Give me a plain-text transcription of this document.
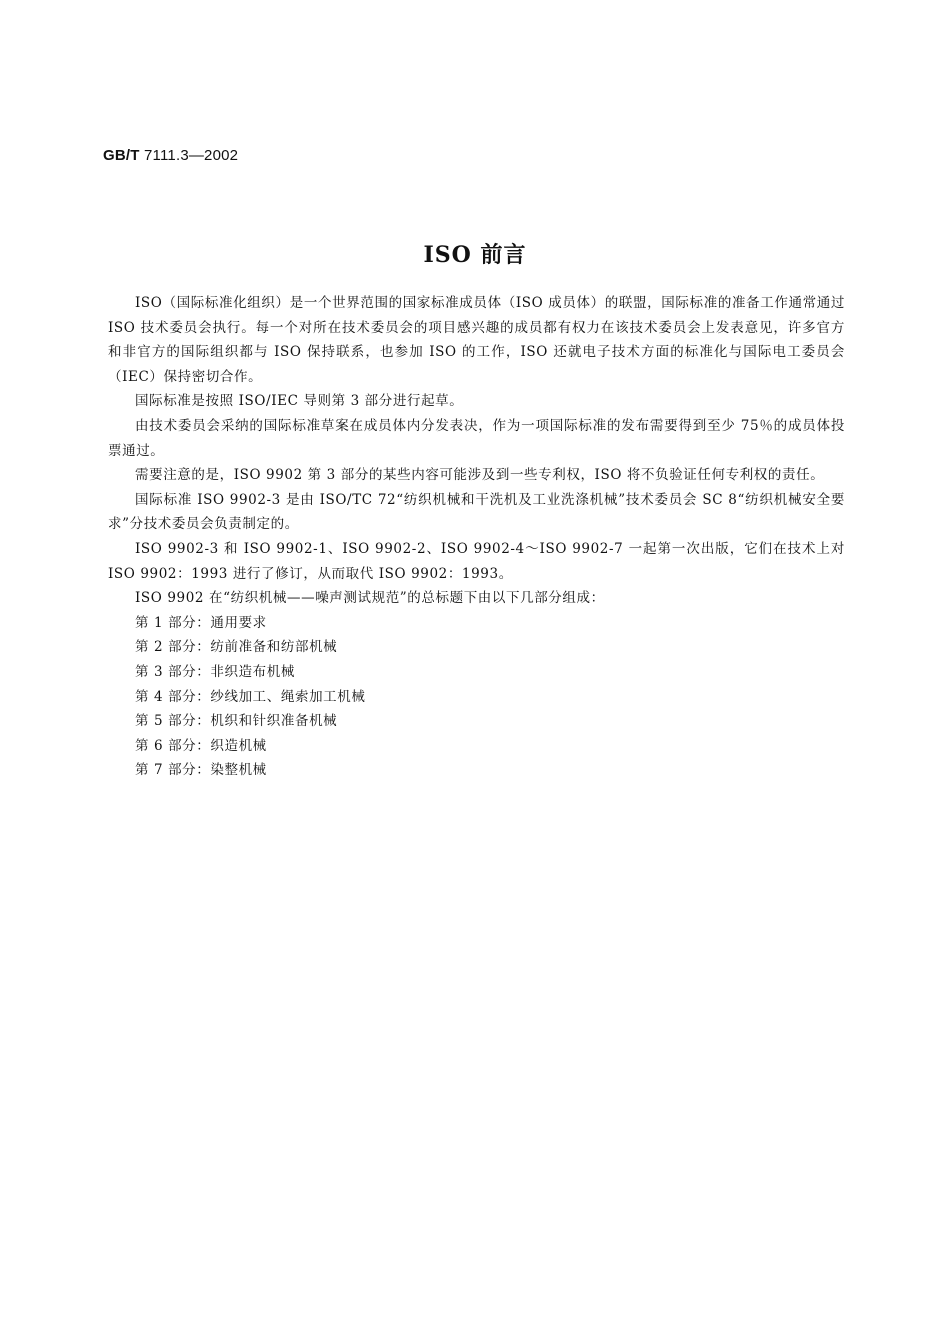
GB/T 7111.3—2002
ISO 前言

ISO（国际标准化组织）是一个世界范围的国家标准成员体（ISO 成员体）的联盟，国际标准的准备工作通常通过 ISO 技术委员会执行。每一个对所在技术委员会的项目感兴趣的成员都有权力在该技术委员会上发表意见，许多官方和非官方的国际组织都与 ISO 保持联系，也参加 ISO 的工作，ISO 还就电子技术方面的标准化与国际电工委员会（IEC）保持密切合作。

国际标准是按照 ISO/IEC 导则第 3 部分进行起草。

由技术委员会采纳的国际标准草案在成员体内分发表决，作为一项国际标准的发布需要得到至少 75％的成员体投票通过。

需要注意的是，ISO 9902 第 3 部分的某些内容可能涉及到一些专利权，ISO 将不负验证任何专利权的责任。

国际标准 ISO 9902-3 是由 ISO/TC 72“纺织机械和干洗机及工业洗涤机械”技术委员会 SC 8“纺织机械安全要求”分技术委员会负责制定的。

ISO 9902-3 和 ISO 9902-1、ISO 9902-2、ISO 9902-4～ISO 9902-7 一起第一次出版，它们在技术上对 ISO 9902：1993 进行了修订，从而取代 ISO 9902：1993。

ISO 9902 在“纺织机械——噪声测试规范”的总标题下由以下几部分组成：

第 1 部分：通用要求
第 2 部分：纺前准备和纺部机械
第 3 部分：非织造布机械
第 4 部分：纱线加工、绳索加工机械
第 5 部分：机织和针织准备机械
第 6 部分：织造机械
第 7 部分：染整机械
